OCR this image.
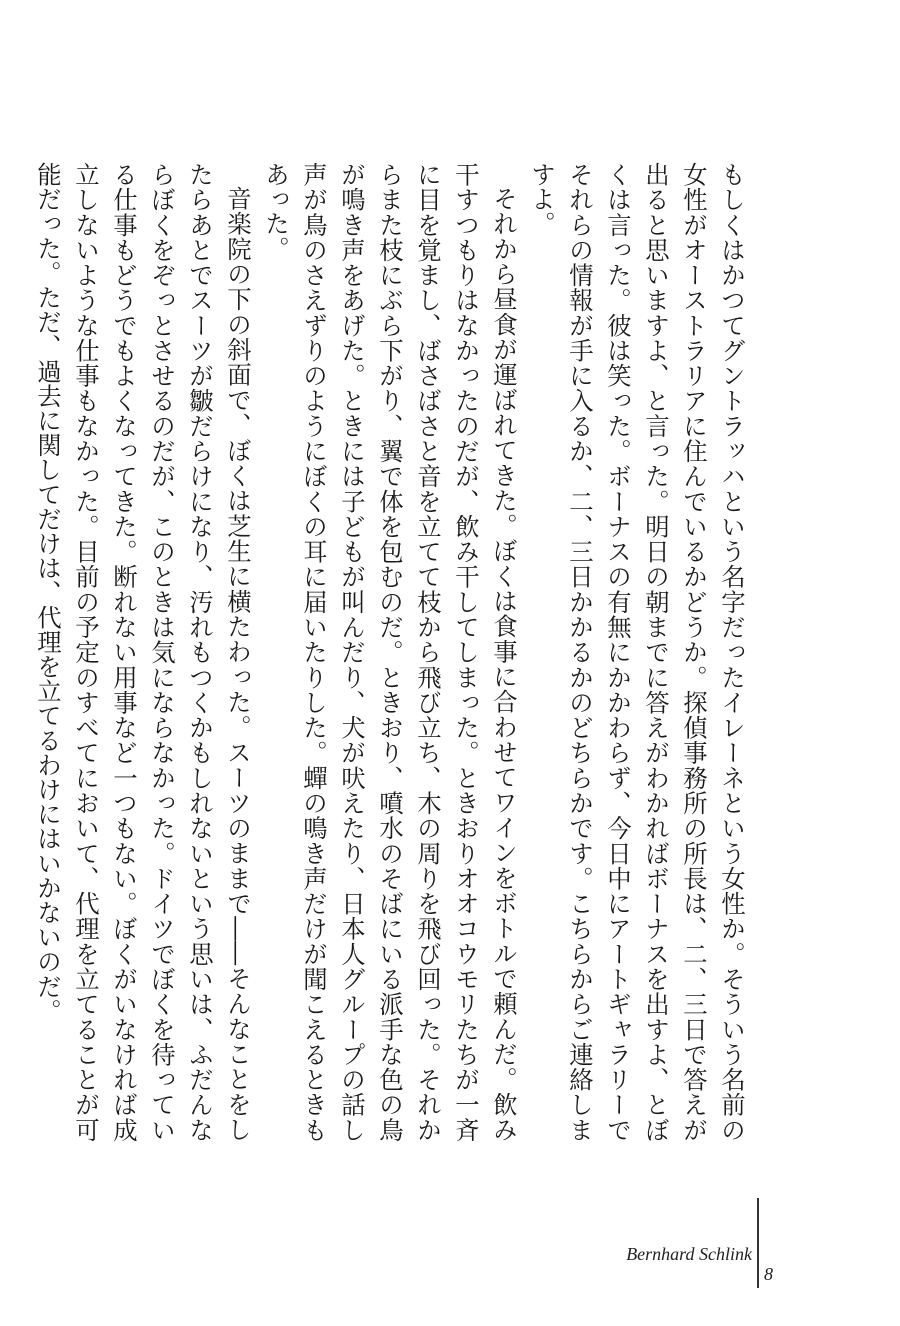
もしくはかつてグントラッハという名字だったイレーネという女性か。そういう名前の女性がオーストラリアに住んでいるかどうか。探偵事務所の所長は、二、三日で答えが出ると思いますよ、と言った。明日の朝までに答えがわかればボーナスを出すよ、とぼくは言った。彼は笑った。ボーナスの有無にかかわらず、今日中にアートギャラリーでそれらの情報が手に入るか、二、三日かかるかのどちらかです。こちらからご連絡しますよ。

それから昼食が運ばれてきた。ぼくは食事に合わせてワインをボトルで頼んだ。飲み干すつもりはなかったのだが、飲み干してしまった。ときおりオオコウモリたちが一斉に目を覚まし、ばさばさと音を立てて枝から飛び立ち、木の周りを飛び回った。それからまた枝にぶら下がり、翼で体を包むのだ。ときおり、噴水のそばにいる派手な色の鳥が鳴き声をあげた。ときには子どもが叫んだり、犬が吠えたり、日本人グループの話し声が鳥のさえずりのようにぼくの耳に届いたりした。蟬の鳴き声だけが聞こえるときもあった。

音楽院の下の斜面で、ぼくは芝生に横たわった。スーツのままで――そんなことをしたらあとでスーツが皺だらけになり、汚れもつくかもしれないという思いは、ふだんならぼくをぞっとさせるのだが、このときは気にならなかった。ドイツでぼくを待っている仕事もどうでもよくなってきた。断れない用事など一つもない。ぼくがいなければ成立しないような仕事もなかった。目前の予定のすべてにおいて、代理を立てることが可能だった。ただ、過去に関してだけは、代理を立てるわけにはいかないのだ。

Bernhard Schlink
8
